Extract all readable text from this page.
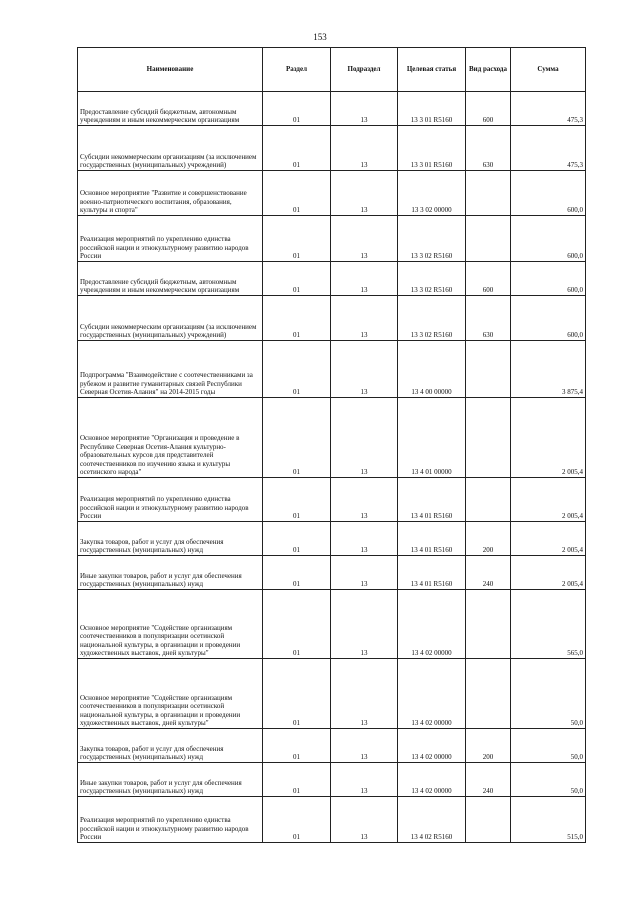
153
Наименование	Раздел	Подраздел	Целевая статья	Вид расхода	Сумма
Предоставление субсидий бюджетным, автономным учреждениям и иным некоммерческим организациям	01	13	13 3 01 R5160	600	475,3
Субсидии некоммерческим организациям (за исключением государственных (муниципальных) учреждений)	01	13	13 3 01 R5160	630	475,3
Основное мероприятие "Развитие и совершенствование военно-патриотического воспитания, образования, культуры и спорта"	01	13	13 3 02 00000		600,0
Реализация мероприятий по укреплению единства российской нации и этнокультурному развитию народов России	01	13	13 3 02 R5160		600,0
Предоставление субсидий бюджетным, автономным учреждениям и иным некоммерческим организациям	01	13	13 3 02 R5160	600	600,0
Субсидии некоммерческим организациям (за исключением государственных (муниципальных) учреждений)	01	13	13 3 02 R5160	630	600,0
Подпрограмма "Взаимодействие с соотечественниками за рубежом и развитие гуманитарных связей Республики Северная Осетия-Алания" на 2014-2015 годы	01	13	13 4 00 00000		3 875,4
Основное мероприятие "Организация и проведение в Республике Северная Осетия-Алания культурно-образовательных курсов для представителей соотечественников по изучению языка и культуры осетинского народа"	01	13	13 4 01 00000		2 005,4
Реализация мероприятий по укреплению единства российской нации и этнокультурному развитию народов России	01	13	13 4 01 R5160		2 005,4
Закупка товаров, работ и услуг для обеспечения государственных (муниципальных) нужд	01	13	13 4 01 R5160	200	2 005,4
Иные закупки товаров, работ и услуг для обеспечения государственных (муниципальных) нужд	01	13	13 4 01 R5160	240	2 005,4
Основное мероприятие "Содействие организациям соотечественников в популяризации осетинской национальной культуры, в организации и проведении художественных выставок, дней культуры"	01	13	13 4 02 00000		565,0
Основное мероприятие "Содействие организациям соотечественников в популяризации осетинской национальной культуры, в организации и проведении художественных выставок, дней культуры"	01	13	13 4 02 00000		50,0
Закупка товаров, работ и услуг для обеспечения государственных (муниципальных) нужд	01	13	13 4 02 00000	200	50,0
Иные закупки товаров, работ и услуг для обеспечения государственных (муниципальных) нужд	01	13	13 4 02 00000	240	50,0
Реализация мероприятий по укреплению единства российской нации и этнокультурному развитию народов России	01	13	13 4 02 R5160		515,0
